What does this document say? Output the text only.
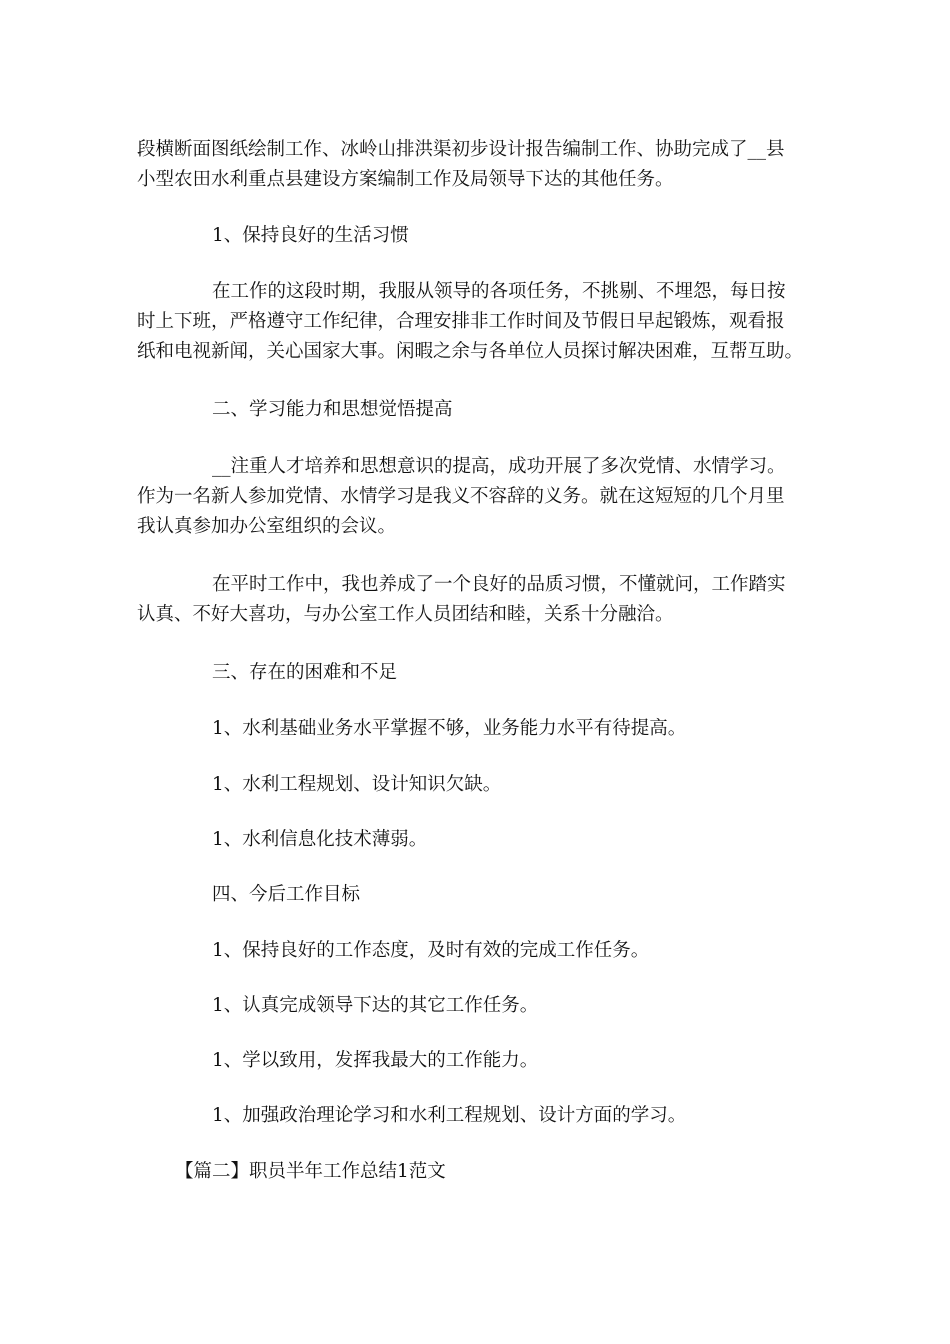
段横断面图纸绘制工作、冰岭山排洪渠初步设计报告编制工作、协助完成了__县
小型农田水利重点县建设方案编制工作及局领导下达的其他任务。

1、保持良好的生活习惯

在工作的这段时期，我服从领导的各项任务，不挑剔、不埋怨，每日按
时上下班，严格遵守工作纪律，合理安排非工作时间及节假日早起锻炼，观看报
纸和电视新闻，关心国家大事。闲暇之余与各单位人员探讨解决困难，互帮互助。

二、学习能力和思想觉悟提高

__注重人才培养和思想意识的提高，成功开展了多次党情、水情学习。
作为一名新人参加党情、水情学习是我义不容辞的义务。就在这短短的几个月里
我认真参加办公室组织的会议。

在平时工作中，我也养成了一个良好的品质习惯，不懂就问，工作踏实
认真、不好大喜功，与办公室工作人员团结和睦，关系十分融洽。

三、存在的困难和不足

1、水利基础业务水平掌握不够，业务能力水平有待提高。

1、水利工程规划、设计知识欠缺。

1、水利信息化技术薄弱。

四、今后工作目标

1、保持良好的工作态度，及时有效的完成工作任务。

1、认真完成领导下达的其它工作任务。

1、学以致用，发挥我最大的工作能力。

1、加强政治理论学习和水利工程规划、设计方面的学习。

【篇二】职员半年工作总结1范文
